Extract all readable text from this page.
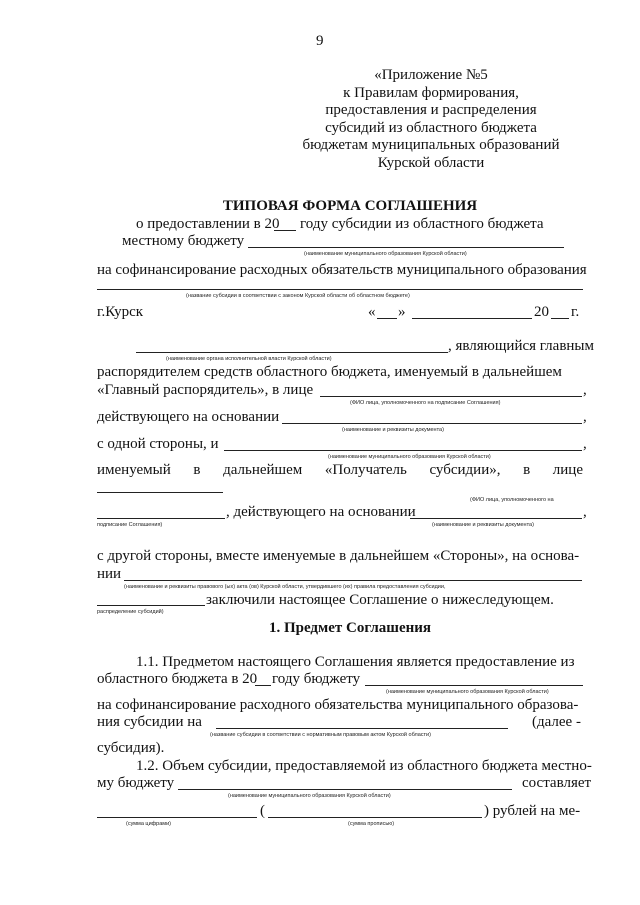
9
«Приложение №5
к Правилам формирования,
предоставления и распределения
субсидий из областного бюджета
бюджетам муниципальных образований
Курской области
ТИПОВАЯ ФОРМА СОГЛАШЕНИЯ
о предоставлении в 20 году субсидии из областного бюджета
местному бюджету
(наименование муниципального образования Курской области)
на софинансирование расходных обязательств муниципального образования
(название субсидии в соответствии с законом Курской области об областном бюджете)
г.Курск	« »	20 г.
, являющийся главным
(наименование органа исполнительной власти Курской области)
распорядителем средств областного бюджета, именуемый в дальнейшем
«Главный распорядитель», в лице	,
(ФИО лица, уполномоченного на подписание Соглашения)
действующего на основании	,
(наименование и реквизиты документа)
с одной стороны, и	,
(наименование муниципального образования Курской области)
именуемый в дальнейшем «Получатель субсидии», в лице
(ФИО лица, уполномоченного на
, действующего на основании	,
подписание Соглашения)	(наименование и реквизиты документа)
с другой стороны, вместе именуемые в дальнейшем «Стороны», на основа-
нии
(наименование и реквизиты правового (ых) акта (ов) Курской области, утвердившего (их) правила предоставления субсидии,
заключили настоящее Соглашение о нижеследующем.
распределение субсидий)
1. Предмет Соглашения
1.1. Предметом настоящего Соглашения является предоставление из
областного бюджета в 20 году бюджету
(наименование муниципального образования Курской области)
на софинансирование расходного обязательства муниципального образова-
ния субсидии на	(далее -
(название субсидии в соответствии с нормативным правовым актом Курской области)
субсидия).
1.2. Объем субсидии, предоставляемой из областного бюджета местно-
му бюджету	составляет
(наименование муниципального образования Курской области)
(	) рублей на ме-
(сумма цифрами)	(сумма прописью)
